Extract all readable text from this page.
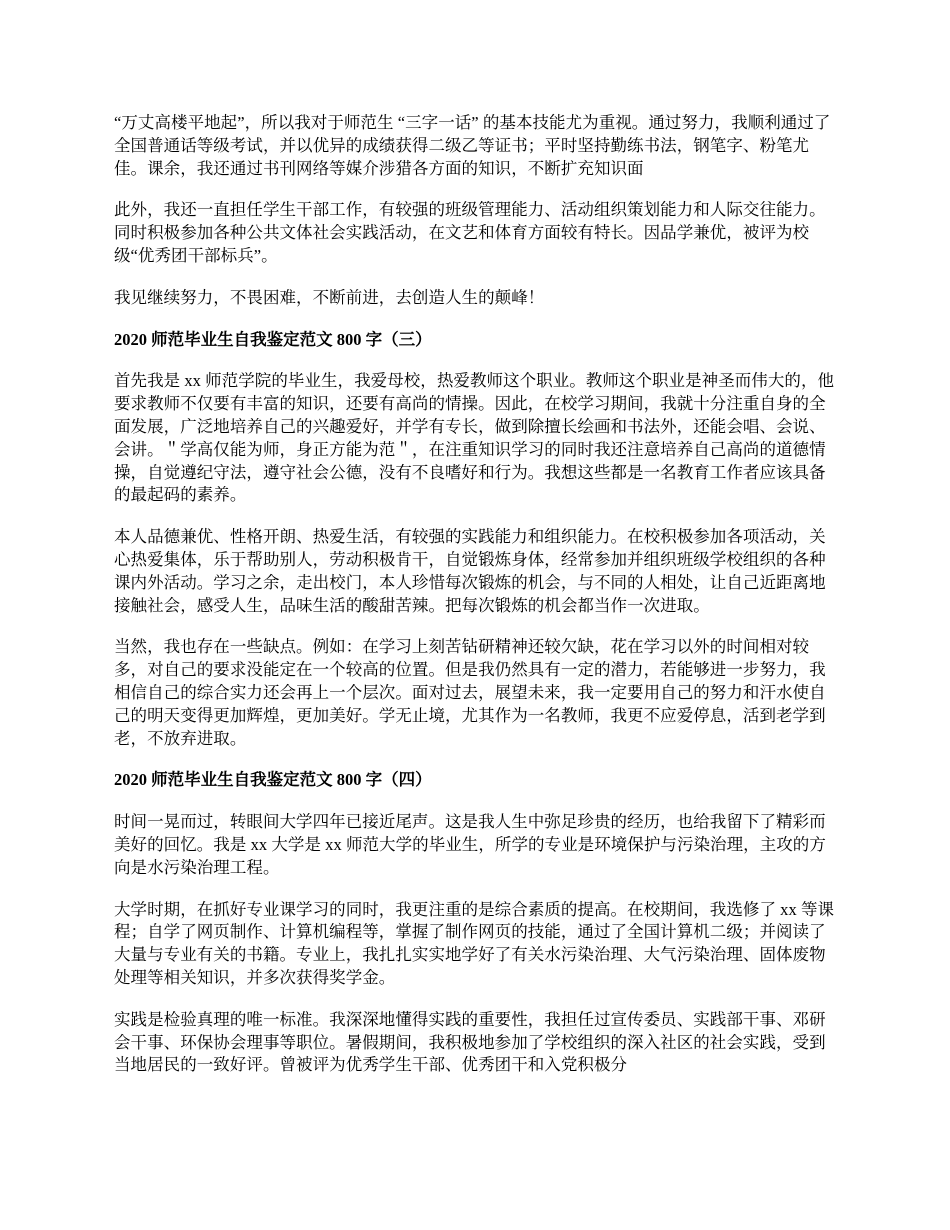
“万丈高楼平地起”，所以我对于师范生 “三字一话” 的基本技能尤为重视。通过努力，我顺利通过了全国普通话等级考试，并以优异的成绩获得二级乙等证书；平时坚持勤练书法，钢笔字、粉笔尤佳。课余，我还通过书刊网络等媒介涉猎各方面的知识，不断扩充知识面

此外，我还一直担任学生干部工作，有较强的班级管理能力、活动组织策划能力和人际交往能力。同时积极参加各种公共文体社会实践活动，在文艺和体育方面较有特长。因品学兼优，被评为校级“优秀团干部标兵”。

我见继续努力，不畏困难，不断前进，去创造人生的颠峰！

2020 师范毕业生自我鉴定范文 800 字（三）

首先我是 xx 师范学院的毕业生，我爱母校，热爱教师这个职业。教师这个职业是神圣而伟大的，他要求教师不仅要有丰富的知识，还要有高尚的情操。因此，在校学习期间，我就十分注重自身的全面发展，广泛地培养自己的兴趣爱好，并学有专长，做到除擅长绘画和书法外，还能会唱、会说、会讲。＂学高仅能为师，身正方能为范＂，在注重知识学习的同时我还注意培养自己高尚的道德情操，自觉遵纪守法，遵守社会公德，没有不良嗜好和行为。我想这些都是一名教育工作者应该具备的最起码的素养。

本人品德兼优、性格开朗、热爱生活，有较强的实践能力和组织能力。在校积极参加各项活动，关心热爱集体，乐于帮助别人，劳动积极肯干，自觉锻炼身体，经常参加并组织班级学校组织的各种课内外活动。学习之余，走出校门，本人珍惜每次锻炼的机会，与不同的人相处，让自己近距离地接触社会，感受人生，品味生活的酸甜苦辣。把每次锻炼的机会都当作一次进取。

当然，我也存在一些缺点。例如：在学习上刻苦钻研精神还较欠缺，花在学习以外的时间相对较多，对自己的要求没能定在一个较高的位置。但是我仍然具有一定的潜力，若能够进一步努力，我相信自己的综合实力还会再上一个层次。面对过去，展望未来，我一定要用自己的努力和汗水使自己的明天变得更加辉煌，更加美好。学无止境，尤其作为一名教师，我更不应爱停息，活到老学到老，不放弃进取。

2020 师范毕业生自我鉴定范文 800 字（四）

时间一晃而过，转眼间大学四年已接近尾声。这是我人生中弥足珍贵的经历，也给我留下了精彩而美好的回忆。我是 xx 大学是 xx 师范大学的毕业生，所学的专业是环境保护与污染治理，主攻的方向是水污染治理工程。

大学时期，在抓好专业课学习的同时，我更注重的是综合素质的提高。在校期间，我选修了 xx 等课程；自学了网页制作、计算机编程等，掌握了制作网页的技能，通过了全国计算机二级；并阅读了大量与专业有关的书籍。专业上，我扎扎实实地学好了有关水污染治理、大气污染治理、固体废物处理等相关知识，并多次获得奖学金。

实践是检验真理的唯一标准。我深深地懂得实践的重要性，我担任过宣传委员、实践部干事、邓研会干事、环保协会理事等职位。暑假期间，我积极地参加了学校组织的深入社区的社会实践，受到当地居民的一致好评。曾被评为优秀学生干部、优秀团干和入党积极分
